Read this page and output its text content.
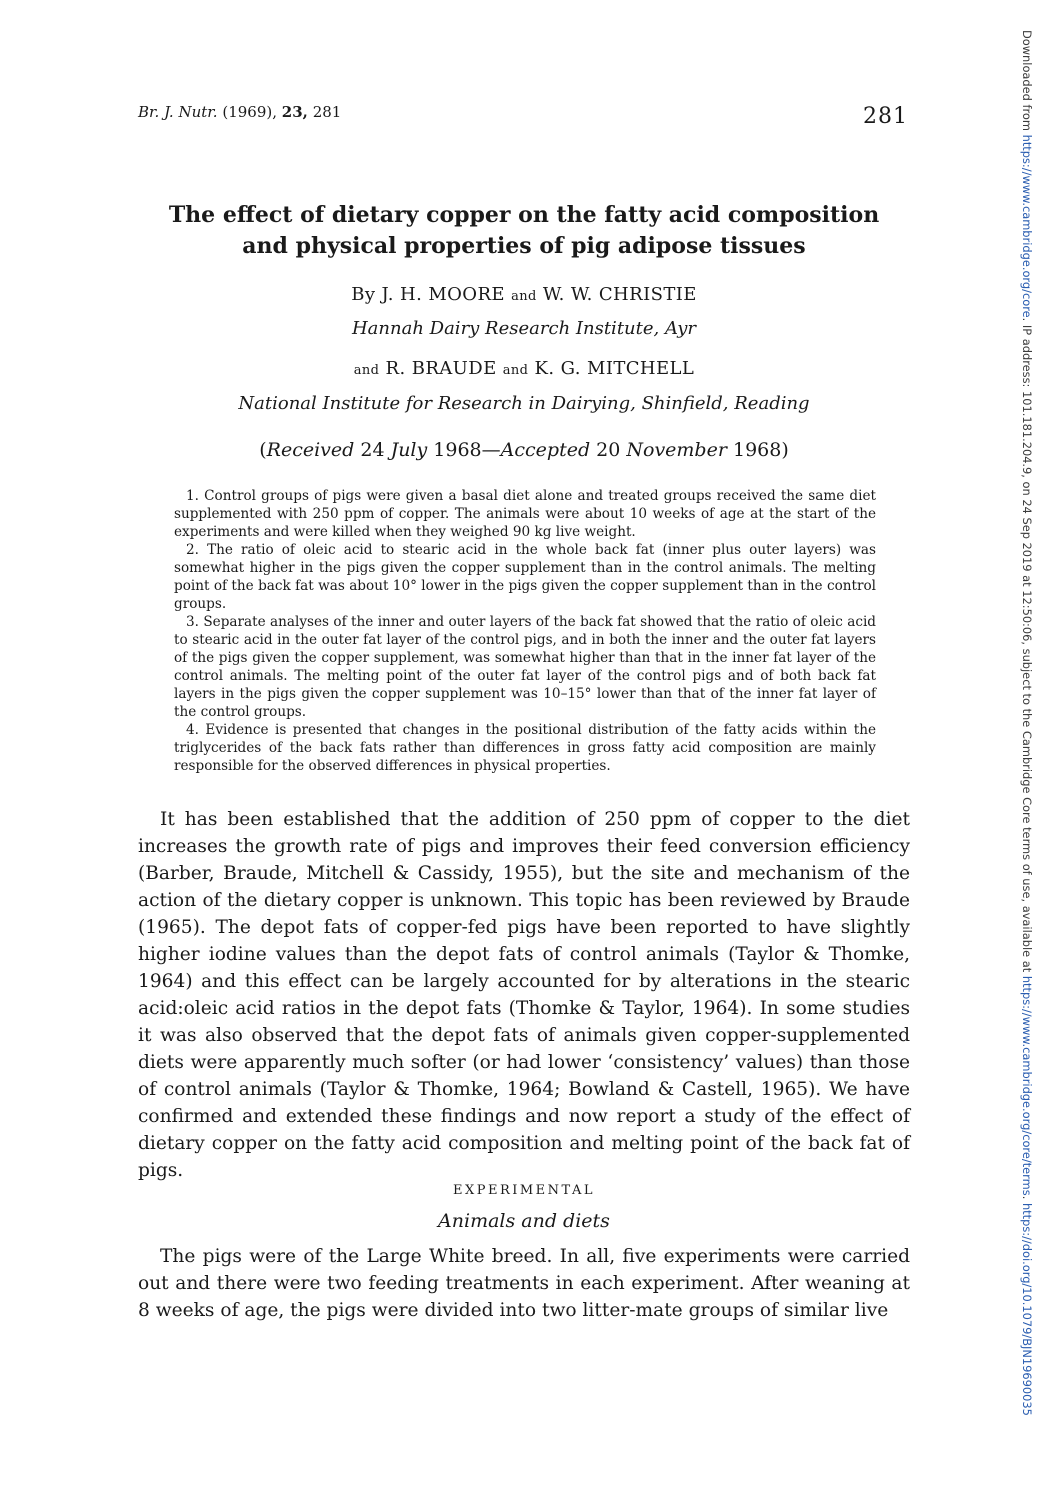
Br. J. Nutr. (1969), 23, 281	281
The effect of dietary copper on the fatty acid composition
and physical properties of pig adipose tissues
By J. H. MOORE and W. W. CHRISTIE
Hannah Dairy Research Institute, Ayr
and R. BRAUDE and K. G. MITCHELL
National Institute for Research in Dairying, Shinfield, Reading
(Received 24 July 1968—Accepted 20 November 1968)

1. Control groups of pigs were given a basal diet alone and treated groups received the same diet supplemented with 250 ppm of copper. The animals were about 10 weeks of age at the start of the experiments and were killed when they weighed 90 kg live weight.

2. The ratio of oleic acid to stearic acid in the whole back fat (inner plus outer layers) was somewhat higher in the pigs given the copper supplement than in the control animals. The melting point of the back fat was about 10° lower in the pigs given the copper supplement than in the control groups.

3. Separate analyses of the inner and outer layers of the back fat showed that the ratio of oleic acid to stearic acid in the outer fat layer of the control pigs, and in both the inner and the outer fat layers of the pigs given the copper supplement, was somewhat higher than that in the inner fat layer of the control animals. The melting point of the outer fat layer of the control pigs and of both back fat layers in the pigs given the copper supplement was 10–15° lower than that of the inner fat layer of the control groups.

4. Evidence is presented that changes in the positional distribution of the fatty acids within the triglycerides of the back fats rather than differences in gross fatty acid composition are mainly responsible for the observed differences in physical properties.

It has been established that the addition of 250 ppm of copper to the diet increases the growth rate of pigs and improves their feed conversion efficiency (Barber, Braude, Mitchell & Cassidy, 1955), but the site and mechanism of the action of the dietary copper is unknown. This topic has been reviewed by Braude (1965). The depot fats of copper-fed pigs have been reported to have slightly higher iodine values than the depot fats of control animals (Taylor & Thomke, 1964) and this effect can be largely accounted for by alterations in the stearic acid:oleic acid ratios in the depot fats (Thomke & Taylor, 1964). In some studies it was also observed that the depot fats of animals given copper-supplemented diets were apparently much softer (or had lower ‘consistency’ values) than those of control animals (Taylor & Thomke, 1964; Bowland & Castell, 1965). We have confirmed and extended these findings and now report a study of the effect of dietary copper on the fatty acid composition and melting point of the back fat of pigs.

EXPERIMENTAL
Animals and diets

The pigs were of the Large White breed. In all, five experiments were carried out and there were two feeding treatments in each experiment. After weaning at 8 weeks of age, the pigs were divided into two litter-mate groups of similar live

Downloaded from https://www.cambridge.org/core. IP address: 101.181.204.9, on 24 Sep 2019 at 12:50:06, subject to the Cambridge Core terms of use, available at https://www.cambridge.org/core/terms. https://doi.org/10.1079/BJN19690035
